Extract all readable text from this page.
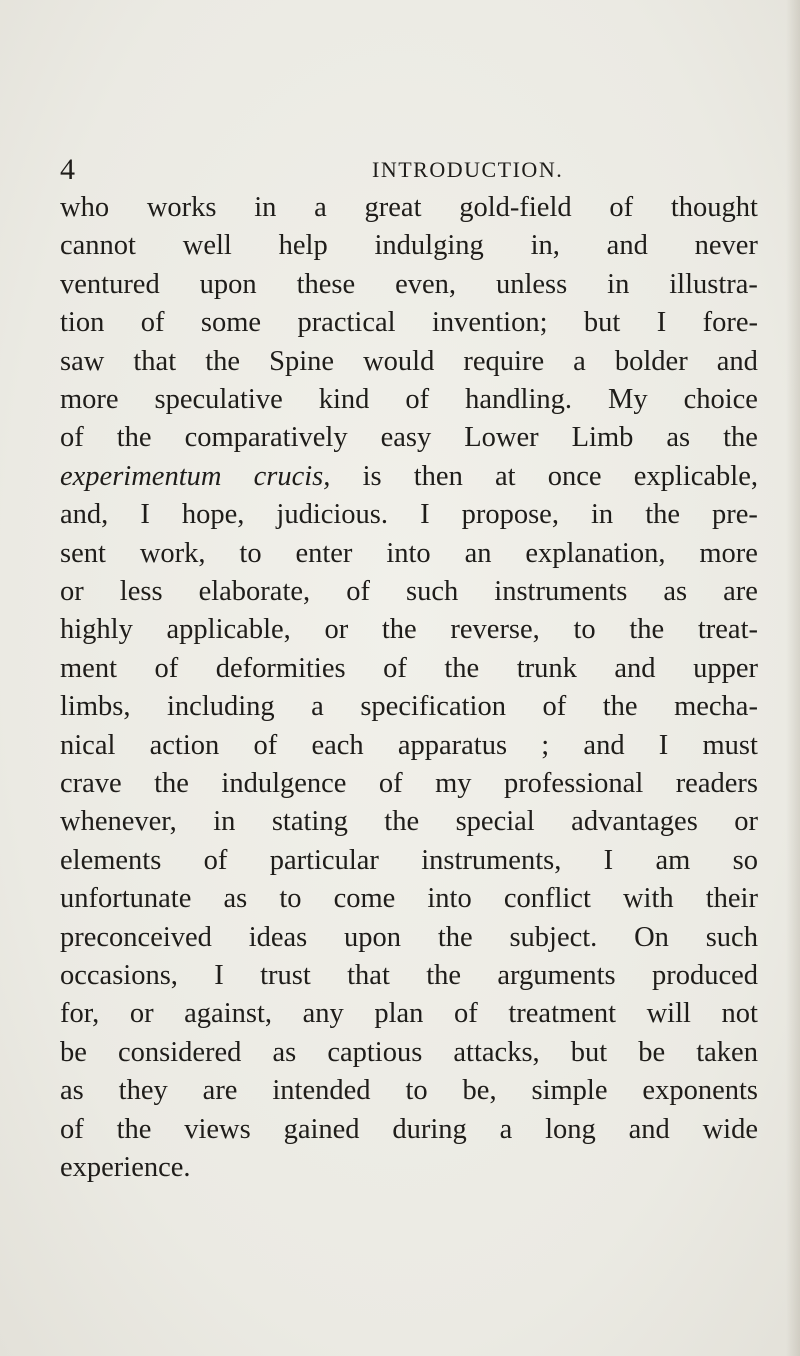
4	INTRODUCTION.
who works in a great gold-field of thought
cannot well help indulging in, and never
ventured upon these even, unless in illustra-
tion of some practical invention; but I fore-
saw that the Spine would require a bolder and
more speculative kind of handling. My choice
of the comparatively easy Lower Limb as the
experimentum crucis, is then at once explicable,
and, I hope, judicious. I propose, in the pre-
sent work, to enter into an explanation, more
or less elaborate, of such instruments as are
highly applicable, or the reverse, to the treat-
ment of deformities of the trunk and upper
limbs, including a specification of the mecha-
nical action of each apparatus ; and I must
crave the indulgence of my professional readers
whenever, in stating the special advantages or
elements of particular instruments, I am so
unfortunate as to come into conflict with their
preconceived ideas upon the subject. On such
occasions, I trust that the arguments produced
for, or against, any plan of treatment will not
be considered as captious attacks, but be taken
as they are intended to be, simple exponents
of the views gained during a long and wide
experience.
